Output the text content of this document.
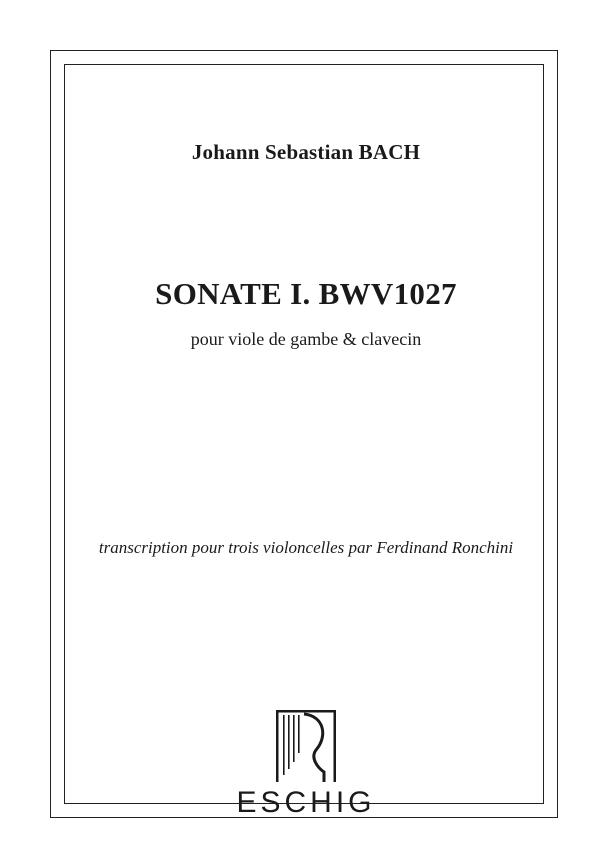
Johann Sebastian BACH
SONATE I. BWV1027
pour viole de gambe & clavecin
transcription pour trois violoncelles par Ferdinand Ronchini
ESCHIG
